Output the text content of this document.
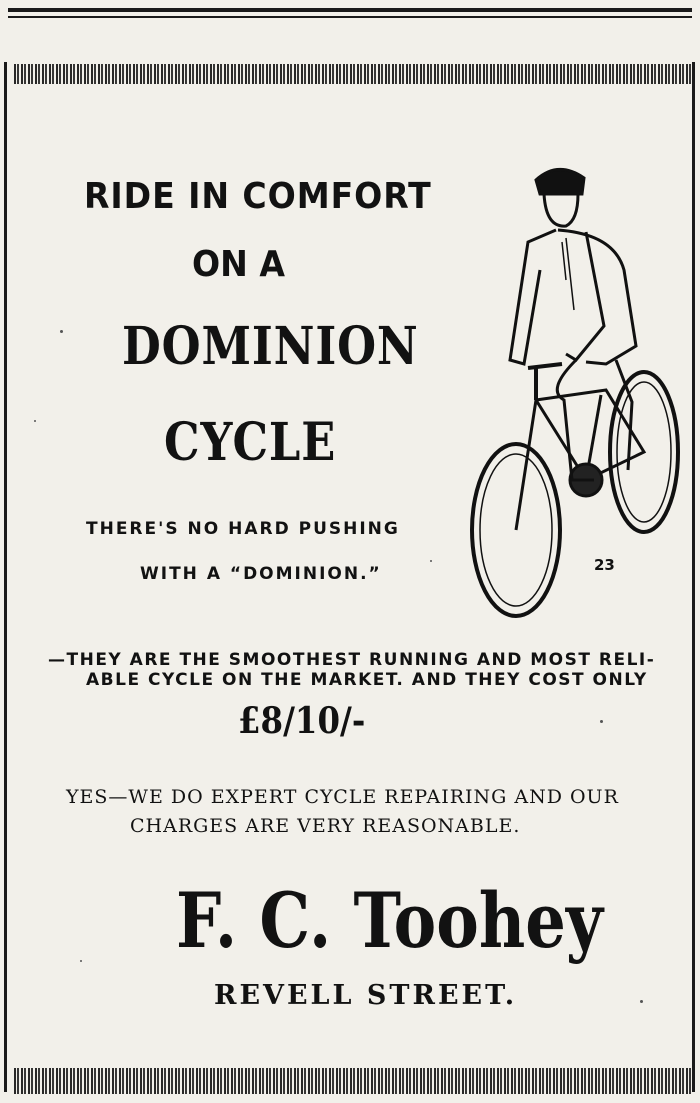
RIDE IN COMFORT
ON A
DOMINION
CYCLE
THERE'S NO HARD PUSHING
WITH A “DOMINION.”	23
—THEY ARE THE SMOOTHEST RUNNING AND MOST RELI-
ABLE CYCLE ON THE MARKET. AND THEY COST ONLY
£8/10/-
YES—WE DO EXPERT CYCLE REPAIRING AND OUR
CHARGES ARE VERY REASONABLE.
F. C. Toohey
REVELL STREET.
